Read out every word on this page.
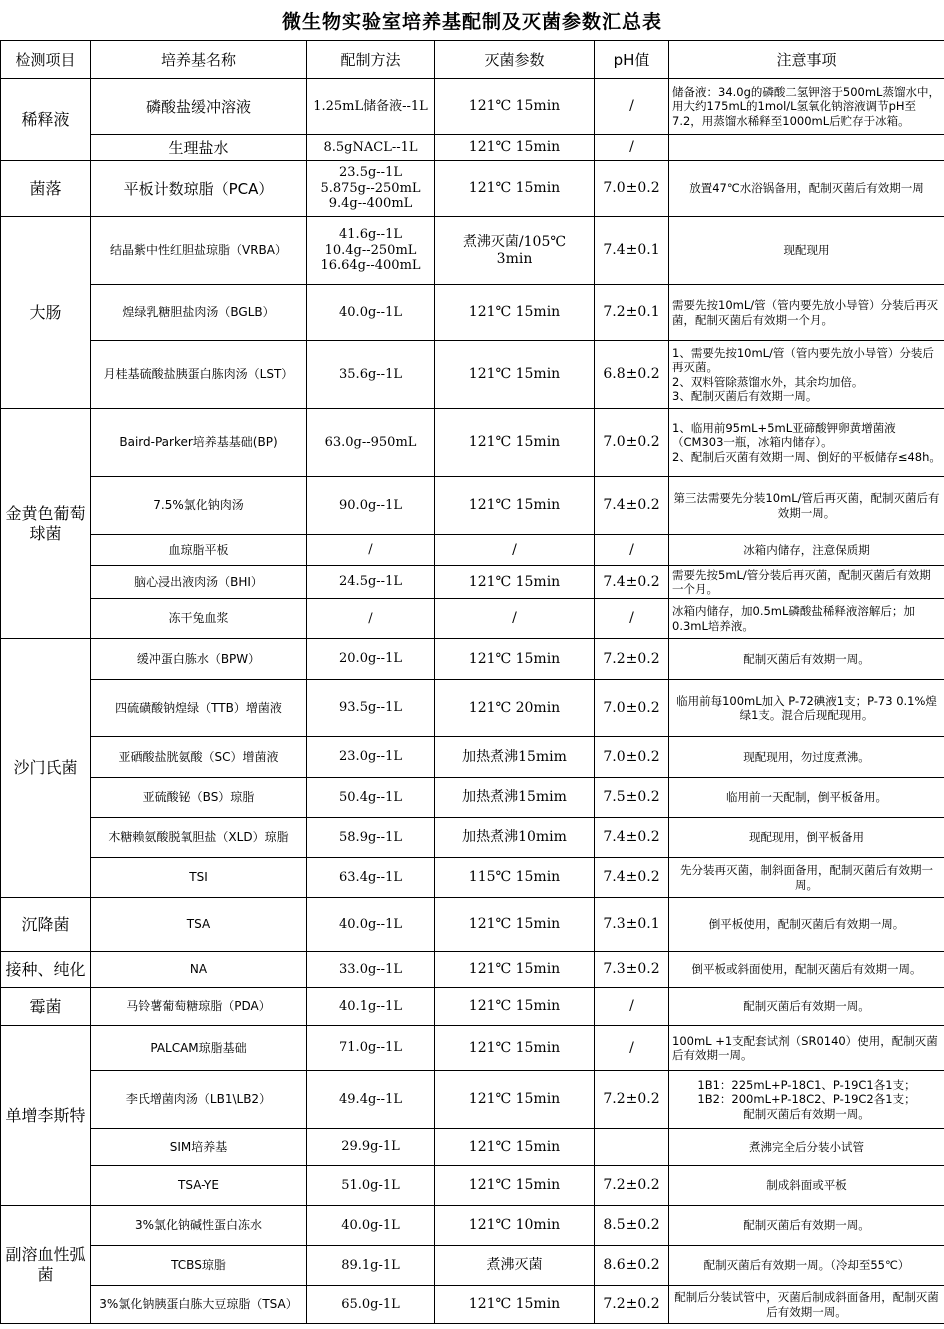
微生物实验室培养基配制及灭菌参数汇总表
检测项目	培养基名称	配制方法	灭菌参数	pH值	注意事项
稀释液	磷酸盐缓冲溶液	1.25mL储备液--1L	121℃ 15min	/	储备液：34.0g的磷酸二氢钾溶于500mL蒸馏水中，用大约175mL的1mol/L氢氧化钠溶液调节pH至7.2，用蒸馏水稀释至1000mL后贮存于冰箱。
	生理盐水	8.5gNACL--1L	121℃ 15min	/	
菌落	平板计数琼脂（PCA）	23.5g--1L
5.875g--250mL
9.4g--400mL	121℃ 15min	7.0±0.2	放置47℃水浴锅备用，配制灭菌后有效期一周
大肠	结晶紫中性红胆盐琼脂（VRBA）	41.6g--1L
10.4g--250mL
16.64g--400mL	煮沸灭菌/105℃
3min	7.4±0.1	现配现用
	煌绿乳糖胆盐肉汤（BGLB）	40.0g--1L	121℃ 15min	7.2±0.1	需要先按10mL/管（管内要先放小导管）分装后再灭菌，配制灭菌后有效期一个月。
	月桂基硫酸盐胰蛋白胨肉汤（LST）	35.6g--1L	121℃ 15min	6.8±0.2	1、需要先按10mL/管（管内要先放小导管）分装后再灭菌。
2、双料管除蒸馏水外，其余均加倍。
3、配制灭菌后有效期一周。
金黄色葡萄
球菌	Baird-Parker培养基基础(BP)	63.0g--950mL	121℃ 15min	7.0±0.2	1、临用前95mL+5mL亚碲酸钾卵黄增菌液（CM303一瓶，冰箱内储存）。
2、配制后灭菌有效期一周、倒好的平板储存≤48h。
	7.5%氯化钠肉汤	90.0g--1L	121℃ 15min	7.4±0.2	第三法需要先分装10mL/管后再灭菌，配制灭菌后有效期一周。
	血琼脂平板	/	/	/	冰箱内储存，注意保质期
	脑心浸出液肉汤（BHI）	24.5g--1L	121℃ 15min	7.4±0.2	需要先按5mL/管分装后再灭菌，配制灭菌后有效期一个月。
	冻干兔血浆	/	/	/	冰箱内储存，加0.5mL磷酸盐稀释液溶解后；加0.3mL培养液。
沙门氏菌	缓冲蛋白胨水（BPW）	20.0g--1L	121℃ 15min	7.2±0.2	配制灭菌后有效期一周。
	四硫磺酸钠煌绿（TTB）增菌液	93.5g--1L	121℃ 20min	7.0±0.2	临用前每100mL加入 P-72碘液1支；P-73 0.1%煌绿1支。混合后现配现用。
	亚硒酸盐胱氨酸（SC）增菌液	23.0g--1L	加热煮沸15mim	7.0±0.2	现配现用，勿过度煮沸。
	亚硫酸铋（BS）琼脂	50.4g--1L	加热煮沸15mim	7.5±0.2	临用前一天配制，倒平板备用。
	木糖赖氨酸脱氧胆盐（XLD）琼脂	58.9g--1L	加热煮沸10mim	7.4±0.2	现配现用，倒平板备用
	TSI	63.4g--1L	115℃ 15min	7.4±0.2	先分装再灭菌，制斜面备用，配制灭菌后有效期一周。
沉降菌	TSA	40.0g--1L	121℃ 15min	7.3±0.1	倒平板使用，配制灭菌后有效期一周。
接种、纯化	NA	33.0g--1L	121℃ 15min	7.3±0.2	倒平板或斜面使用，配制灭菌后有效期一周。
霉菌	马铃薯葡萄糖琼脂（PDA）	40.1g--1L	121℃ 15min	/	配制灭菌后有效期一周。
单增李斯特	PALCAM琼脂基础	71.0g--1L	121℃ 15min	/	100mL +1支配套试剂（SR0140）使用，配制灭菌后有效期一周。
	李氏增菌肉汤（LB1\LB2）	49.4g--1L	121℃ 15min	7.2±0.2	1B1：225mL+P-18C1、P-19C1各1支；
1B2：200mL+P-18C2、P-19C2各1支；
配制灭菌后有效期一周。
	SIM培养基	29.9g-1L	121℃ 15min		煮沸完全后分装小试管
	TSA-YE	51.0g-1L	121℃ 15min	7.2±0.2	制成斜面或平板
副溶血性弧
菌	3%氯化钠碱性蛋白冻水	40.0g-1L	121℃ 10min	8.5±0.2	配制灭菌后有效期一周。
	TCBS琼脂	89.1g-1L	煮沸灭菌	8.6±0.2	配制灭菌后有效期一周。（冷却至55℃）
	3%氯化钠胰蛋白胨大豆琼脂（TSA）	65.0g-1L	121℃ 15min	7.2±0.2	配制后分装试管中，灭菌后制成斜面备用，配制灭菌后有效期一周。
